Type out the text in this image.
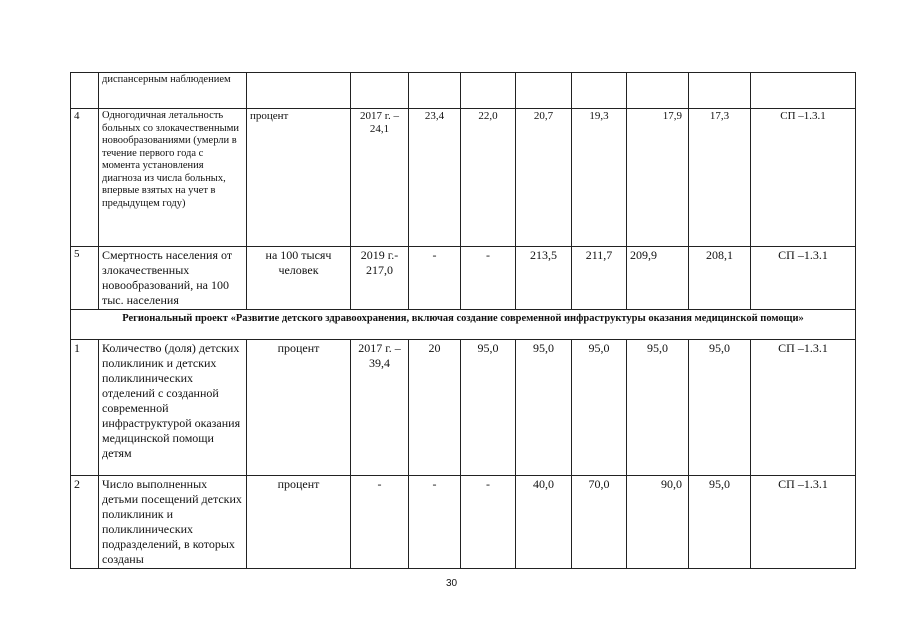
	диспансерным наблюдением									
4	Одногодичная летальность больных со злокачественными новообразованиями (умерли в течение первого года с момента установления диагноза из числа больных, впервые взятых на учет в предыдущем году)	процент	2017 г. – 24,1	23,4	22,0	20,7	19,3	17,9	17,3	СП –1.3.1
5	Смертность населения от злокачественных новообразований, на 100 тыс. населения	на 100 тысяч человек	2019 г.- 217,0	-	-	213,5	211,7	209,9	208,1	СП –1.3.1
Региональный проект «Развитие детского здравоохранения, включая создание современной инфраструктуры оказания медицинской помощи»										
1	Количество (доля) детских поликлиник и детских поликлинических отделений с созданной современной инфраструктурой оказания медицинской помощи детям	процент	2017 г. – 39,4	20	95,0	95,0	95,0	95,0	95,0	СП –1.3.1
2	Число выполненных детьми посещений детских поликлиник и поликлинических подразделений, в которых созданы	процент	-	-	-	40,0	70,0	90,0	95,0	СП –1.3.1
30
